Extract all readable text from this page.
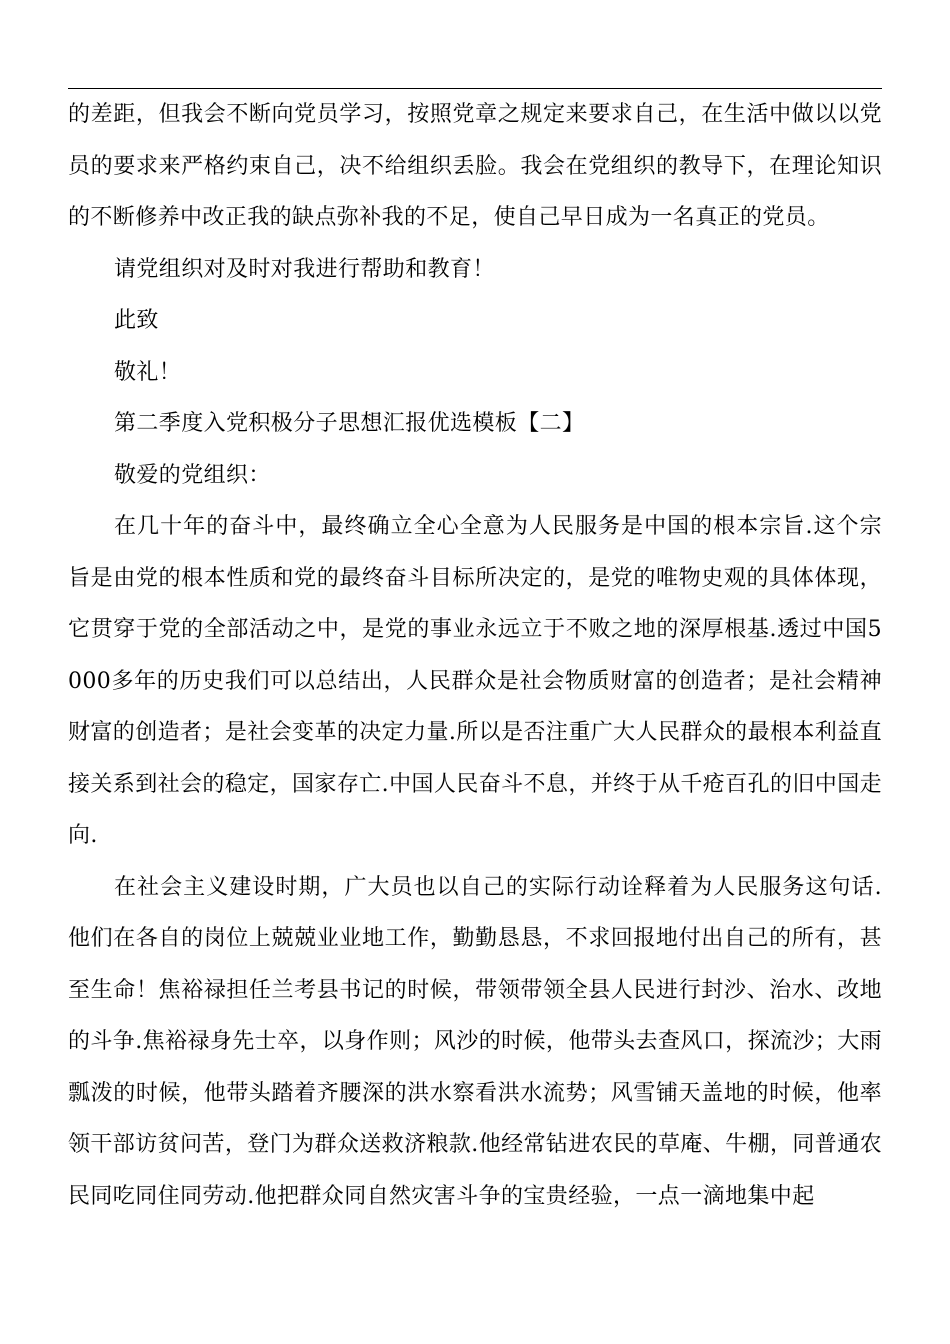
的差距，但我会不断向党员学习，按照党章之规定来要求自己，在生活中做以以党员的要求来严格约束自己，决不给组织丢脸。我会在党组织的教导下，在理论知识的不断修养中改正我的缺点弥补我的不足，使自己早日成为一名真正的党员。

请党组织对及时对我进行帮助和教育！

此致

敬礼！

第二季度入党积极分子思想汇报优选模板【二】

敬爱的党组织：

在几十年的奋斗中，最终确立全心全意为人民服务是中国的根本宗旨.这个宗旨是由党的根本性质和党的最终奋斗目标所决定的，是党的唯物史观的具体体现，它贯穿于党的全部活动之中，是党的事业永远立于不败之地的深厚根基.透过中国5000多年的历史我们可以总结出，人民群众是社会物质财富的创造者；是社会精神财富的创造者；是社会变革的决定力量.所以是否注重广大人民群众的最根本利益直接关系到社会的稳定，国家存亡.中国人民奋斗不息，并终于从千疮百孔的旧中国走向.

在社会主义建设时期，广大员也以自己的实际行动诠释着为人民服务这句话.他们在各自的岗位上兢兢业业地工作，勤勤恳恳，不求回报地付出自己的所有，甚至生命！焦裕禄担任兰考县书记的时候，带领带领全县人民进行封沙、治水、改地的斗争.焦裕禄身先士卒，以身作则；风沙的时候，他带头去查风口，探流沙；大雨瓢泼的时候，他带头踏着齐腰深的洪水察看洪水流势；风雪铺天盖地的时候，他率领干部访贫问苦，登门为群众送救济粮款.他经常钻进农民的草庵、牛棚，同普通农民同吃同住同劳动.他把群众同自然灾害斗争的宝贵经验，一点一滴地集中起
